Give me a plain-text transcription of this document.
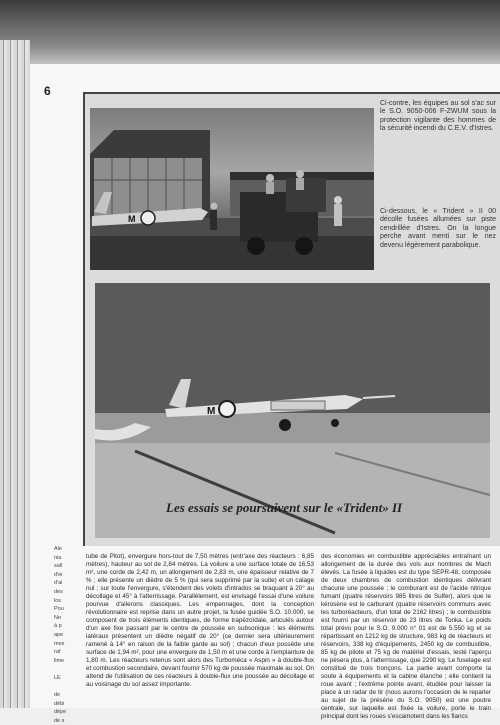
Ale
nia
sall
d'ei
d'ai
des
los
Pou
No
à p
ape
mes
raf
lime

LE

de
débi
dépe
de s
6
M
Ci-contre, les équipes au sol s'ac sur le S.O. 9050-006 F-ZWUM sous la protection vigilante des hommes de la sécurité incendi du C.E.V. d'Istres.
Ci-dessous, le « Trident » II 00 décolle fusées allumées sur piste cendrillée d'Istres. On la longue perche avant menti sur le nez devenu légèrement parabolique.
M
Les essais se poursuivent sur le «Trident» II
tube de Pitot), envergure hors-tout de 7,50 mètres (entr'axe des réacteurs : 6,85 mètres), hauteur au sol de 2,84 mètres. La voilure a une surface totale de 16,53 m², une corde de 2,42 m, un allongement de 2,83 m, une épaisseur relative de 7 % ; elle présente un dièdre de 5 % (qui sera supprimé par la suite) et un calage nul ; sur toute l'envergure, s'étendent des volets d'intrados se braquant à 20° au décollage et 45° à l'atterrissage. Parallèlement, est envisagé l'essai d'une voilure pourvue d'ailerons classiques. Les empennages, dont la conception révolutionnaire est reprise dans un autre projet, la fusée guidée S.O. 10.000, se composent de trois éléments identiques, de forme trapézoïdale, articulés autour d'un axe fixe passant par le centre de poussée en subsonique : les éléments latéraux présentent un dièdre négatif de 20° (ce dernier sera ultérieurement ramené à 14° en raison de la faible garde au sol) ; chacun d'eux possède une surface de 1,94 m², pour une envergure de 1,50 m et une corde à l'emplanture de 1,80 m. Les réacteurs retenus sont alors des Turboméca « Aspin » à double-flux et combustion secondaire, devant fournir 570 kg de poussée maximale au sol. On attend de l'utilisation de ces réacteurs à double-flux une poussée au décollage et au voisinage du sol assez importante.
des économies en combustible appréciables entraînant un allongement de la durée des vols aux nombres de Mach élevés. La fusée à liquides est du type SEPR-48, composée de deux chambres de combustion identiques délivrant chacune une poussée ; le comburant est de l'acide nitrique fumant (quatre réservoirs 985 litres de Sulfer), alors que le kérosène est le carburant (quatre réservoirs communs avec les turboréacteurs, d'un total de 2162 litres) ; le combustible est fourni par un réservoir de 23 litres de Tonka. Le poids total prévu pour le S.O. 9.000 n° 01 est de 5.550 kg et se répartissant en 1212 kg de structure, 983 kg de réacteurs et réservoirs, 338 kg d'équipements, 2450 kg de combustible, 85 kg de pilote et 75 kg de matériel d'essais, lesté l'aperçu ne pèsera plus, à l'atterrissage, que 2290 kg. Le fuselage est constitué de trois tronçons. La partie avant comporte la soute à équipements et la cabine étanche ; elle contient la roue avant ; l'extrême pointe avant, étudiée pour laisser la place à un radar de tir (nous aurons l'occasion de le reparler au sujet de la présérie du S.O. 9050) est une poutre centrale, sur laquelle est fixée la voilure, porte le train principal dont les roues s'escamotent dans les flancs
